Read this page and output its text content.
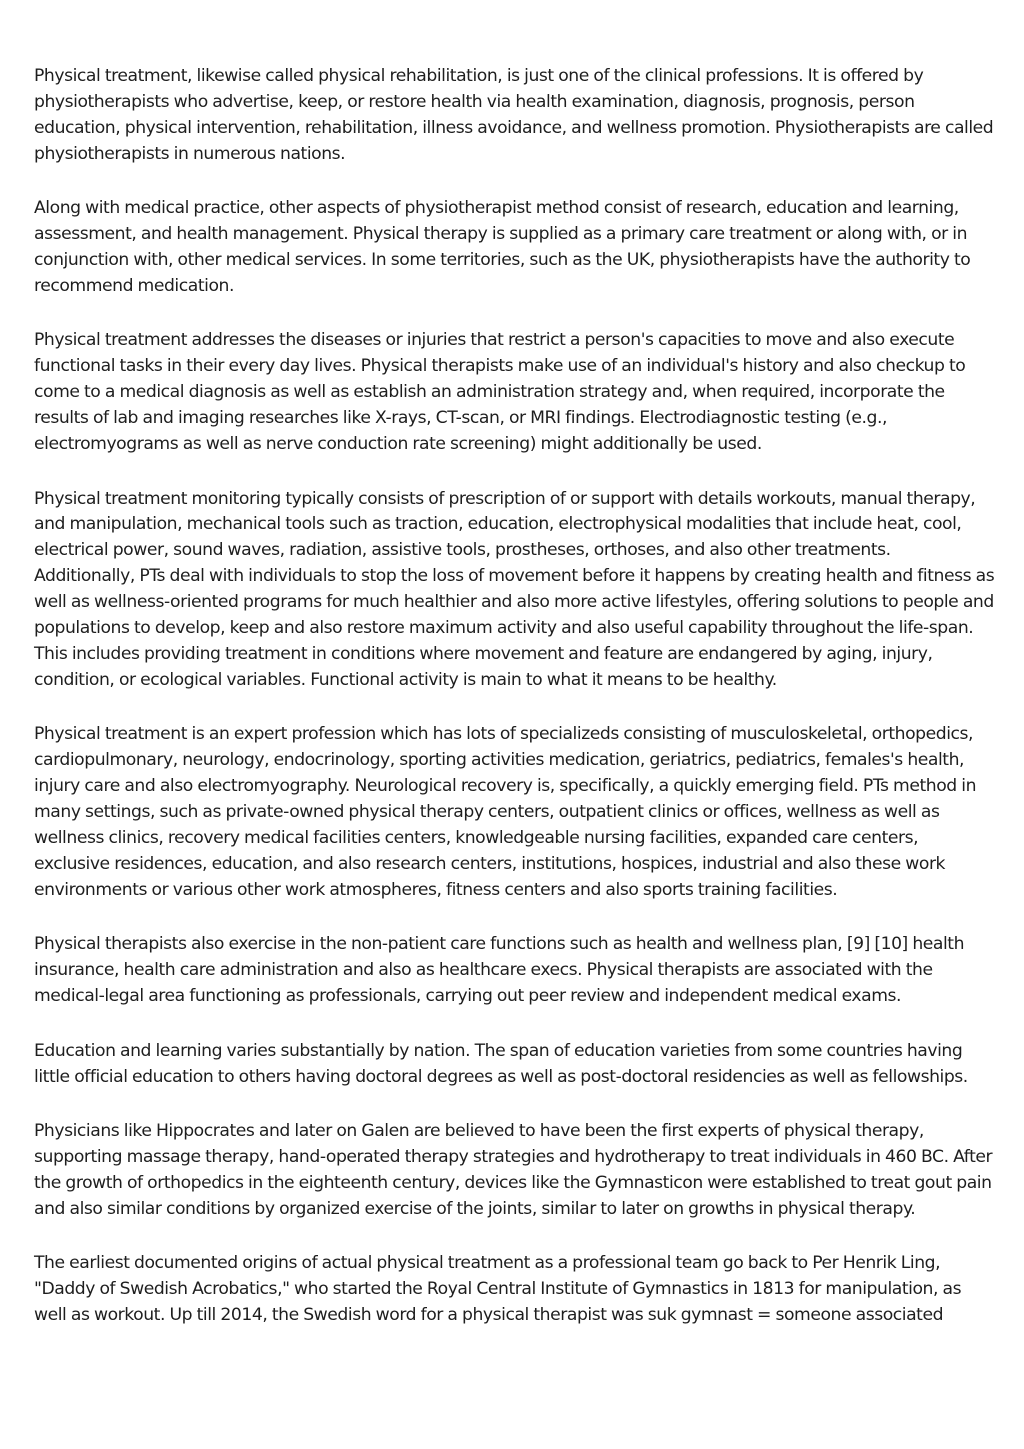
Physical treatment, likewise called physical rehabilitation, is just one of the clinical professions. It is offered by physiotherapists who advertise, keep, or restore health via health examination, diagnosis, prognosis, person education, physical intervention, rehabilitation, illness avoidance, and wellness promotion. Physiotherapists are called physiotherapists in numerous nations.

Along with medical practice, other aspects of physiotherapist method consist of research, education and learning, assessment, and health management. Physical therapy is supplied as a primary care treatment or along with, or in conjunction with, other medical services. In some territories, such as the UK, physiotherapists have the authority to recommend medication.

Physical treatment addresses the diseases or injuries that restrict a person's capacities to move and also execute functional tasks in their every day lives. Physical therapists make use of an individual's history and also checkup to come to a medical diagnosis as well as establish an administration strategy and, when required, incorporate the results of lab and imaging researches like X-rays, CT-scan, or MRI findings. Electrodiagnostic testing (e.g., electromyograms as well as nerve conduction rate screening) might additionally be used.

Physical treatment monitoring typically consists of prescription of or support with details workouts, manual therapy, and manipulation, mechanical tools such as traction, education, electrophysical modalities that include heat, cool, electrical power, sound waves, radiation, assistive tools, prostheses, orthoses, and also other treatments. Additionally, PTs deal with individuals to stop the loss of movement before it happens by creating health and fitness as well as wellness-oriented programs for much healthier and also more active lifestyles, offering solutions to people and populations to develop, keep and also restore maximum activity and also useful capability throughout the life-span. This includes providing treatment in conditions where movement and feature are endangered by aging, injury, condition, or ecological variables. Functional activity is main to what it means to be healthy.

Physical treatment is an expert profession which has lots of specializeds consisting of musculoskeletal, orthopedics, cardiopulmonary, neurology, endocrinology, sporting activities medication, geriatrics, pediatrics, females's health, injury care and also electromyography. Neurological recovery is, specifically, a quickly emerging field. PTs method in many settings, such as private-owned physical therapy centers, outpatient clinics or offices, wellness as well as wellness clinics, recovery medical facilities centers, knowledgeable nursing facilities, expanded care centers, exclusive residences, education, and also research centers, institutions, hospices, industrial and also these work environments or various other work atmospheres, fitness centers and also sports training facilities.

Physical therapists also exercise in the non-patient care functions such as health and wellness plan, [9] [10] health insurance, health care administration and also as healthcare execs. Physical therapists are associated with the medical-legal area functioning as professionals, carrying out peer review and independent medical exams.

Education and learning varies substantially by nation. The span of education varieties from some countries having little official education to others having doctoral degrees as well as post-doctoral residencies as well as fellowships.

Physicians like Hippocrates and later on Galen are believed to have been the first experts of physical therapy, supporting massage therapy, hand-operated therapy strategies and hydrotherapy to treat individuals in 460 BC. After the growth of orthopedics in the eighteenth century, devices like the Gymnasticon were established to treat gout pain and also similar conditions by organized exercise of the joints, similar to later on growths in physical therapy.

The earliest documented origins of actual physical treatment as a professional team go back to Per Henrik Ling, "Daddy of Swedish Acrobatics," who started the Royal Central Institute of Gymnastics in 1813 for manipulation, as well as workout. Up till 2014, the Swedish word for a physical therapist was suk gymnast = someone associated
